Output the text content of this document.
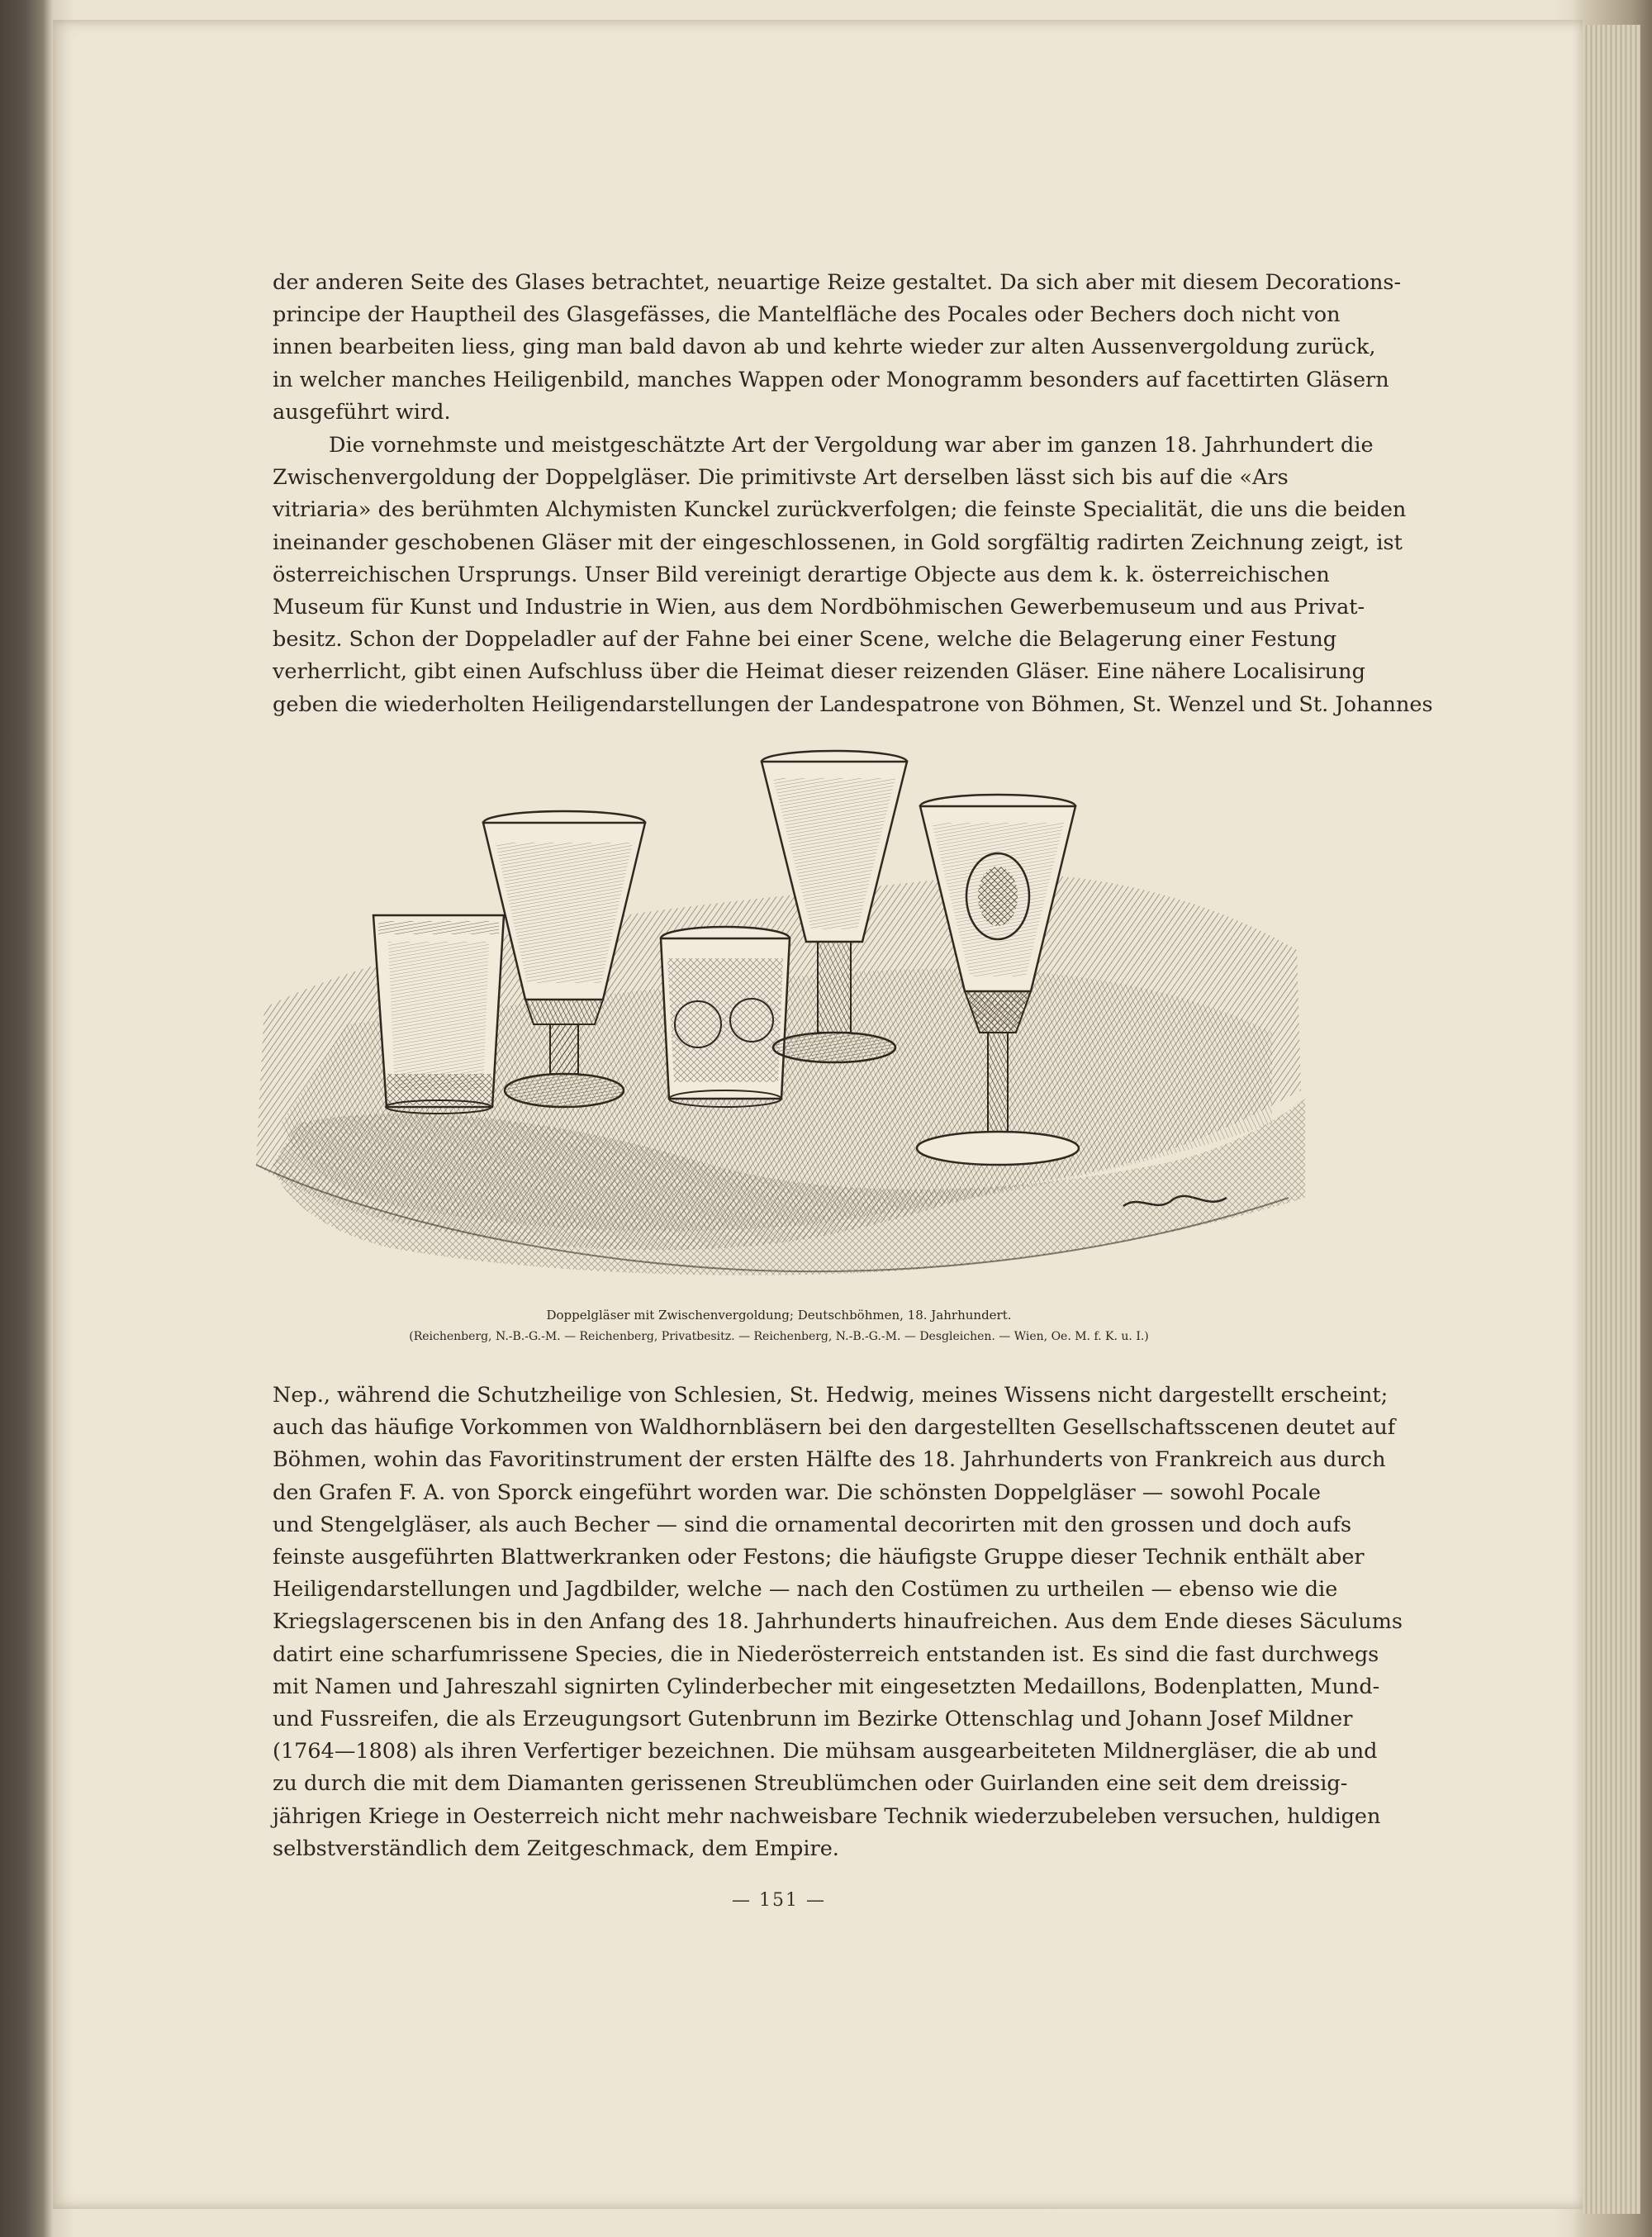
der anderen Seite des Glases betrachtet, neuartige Reize gestaltet. Da sich aber mit diesem Decorations-
principe der Hauptheil des Glasgefässes, die Mantelfläche des Pocales oder Bechers doch nicht von
innen bearbeiten liess, ging man bald davon ab und kehrte wieder zur alten Aussenvergoldung zurück,
in welcher manches Heiligenbild, manches Wappen oder Monogramm besonders auf facettirten Gläsern
ausgeführt wird.
Die vornehmste und meistgeschätzte Art der Vergoldung war aber im ganzen 18. Jahrhundert die
Zwischenvergoldung der Doppelgläser. Die primitivste Art derselben lässt sich bis auf die «Ars
vitriaria» des berühmten Alchymisten Kunckel zurückverfolgen; die feinste Specialität, die uns die beiden
ineinander geschobenen Gläser mit der eingeschlossenen, in Gold sorgfältig radirten Zeichnung zeigt, ist
österreichischen Ursprungs. Unser Bild vereinigt derartige Objecte aus dem k. k. österreichischen
Museum für Kunst und Industrie in Wien, aus dem Nordböhmischen Gewerbemuseum und aus Privat-
besitz. Schon der Doppeladler auf der Fahne bei einer Scene, welche die Belagerung einer Festung
verherrlicht, gibt einen Aufschluss über die Heimat dieser reizenden Gläser. Eine nähere Localisirung
geben die wiederholten Heiligendarstellungen der Landespatrone von Böhmen, St. Wenzel und St. Johannes
Doppelgläser mit Zwischenvergoldung; Deutschböhmen, 18. Jahrhundert.
(Reichenberg, N.-B.-G.-M. — Reichenberg, Privatbesitz. — Reichenberg, N.-B.-G.-M. — Desgleichen. — Wien, Oe. M. f. K. u. I.)
Nep., während die Schutzheilige von Schlesien, St. Hedwig, meines Wissens nicht dargestellt erscheint;
auch das häufige Vorkommen von Waldhornbläsern bei den dargestellten Gesellschaftsscenen deutet auf
Böhmen, wohin das Favoritinstrument der ersten Hälfte des 18. Jahrhunderts von Frankreich aus durch
den Grafen F. A. von Sporck eingeführt worden war. Die schönsten Doppelgläser — sowohl Pocale
und Stengelgläser, als auch Becher — sind die ornamental decorirten mit den grossen und doch aufs
feinste ausgeführten Blattwerkranken oder Festons; die häufigste Gruppe dieser Technik enthält aber
Heiligendarstellungen und Jagdbilder, welche — nach den Costümen zu urtheilen — ebenso wie die
Kriegslagerscenen bis in den Anfang des 18. Jahrhunderts hinaufreichen. Aus dem Ende dieses Säculums
datirt eine scharfumrissene Species, die in Niederösterreich entstanden ist. Es sind die fast durchwegs
mit Namen und Jahreszahl signirten Cylinderbecher mit eingesetzten Medaillons, Bodenplatten, Mund-
und Fussreifen, die als Erzeugungsort Gutenbrunn im Bezirke Ottenschlag und Johann Josef Mildner
(1764—1808) als ihren Verfertiger bezeichnen. Die mühsam ausgearbeiteten Mildnergläser, die ab und
zu durch die mit dem Diamanten gerissenen Streublümchen oder Guirlanden eine seit dem dreissig-
jährigen Kriege in Oesterreich nicht mehr nachweisbare Technik wiederzubeleben versuchen, huldigen
selbstverständlich dem Zeitgeschmack, dem Empire.
— 151 —
